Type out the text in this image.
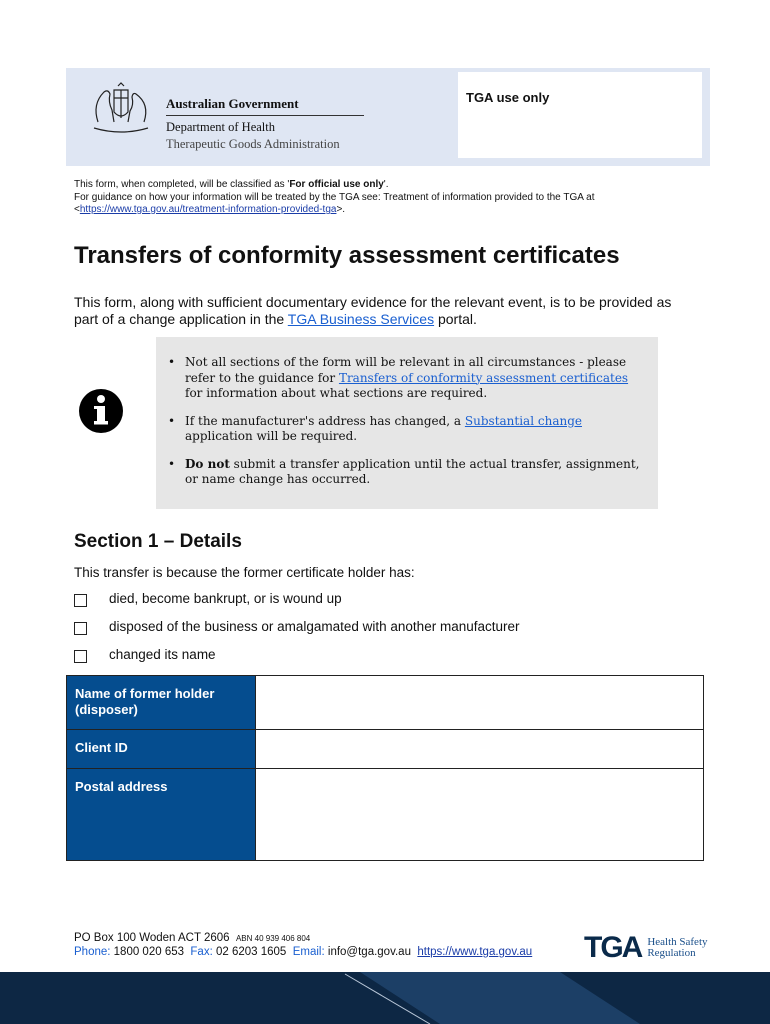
Australian Government
Department of Health
Therapeutic Goods Administration
TGA use only
This form, when completed, will be classified as 'For official use only'.
For guidance on how your information will be treated by the TGA see: Treatment of information provided to the TGA at
<https://www.tga.gov.au/treatment-information-provided-tga>.
Transfers of conformity assessment certificates
This form, along with sufficient documentary evidence for the relevant event, is to be provided as part of a change application in the TGA Business Services portal.
• Not all sections of the form will be relevant in all circumstances - please refer to the guidance for Transfers of conformity assessment certificates for information about what sections are required.
• If the manufacturer's address has changed, a Substantial change application will be required.
• Do not submit a transfer application until the actual transfer, assignment, or name change has occurred.
Section 1 – Details
This transfer is because the former certificate holder has:
died, become bankrupt, or is wound up
disposed of the business or amalgamated with another manufacturer
changed its name
Name of former holder (disposer)	
Client ID	
Postal address	
PO Box 100 Woden ACT 2606 ABN 40 939 406 804
Phone: 1800 020 653 Fax: 02 6203 1605 Email: info@tga.gov.au https://www.tga.gov.au TGA Health Safety
Regulation
